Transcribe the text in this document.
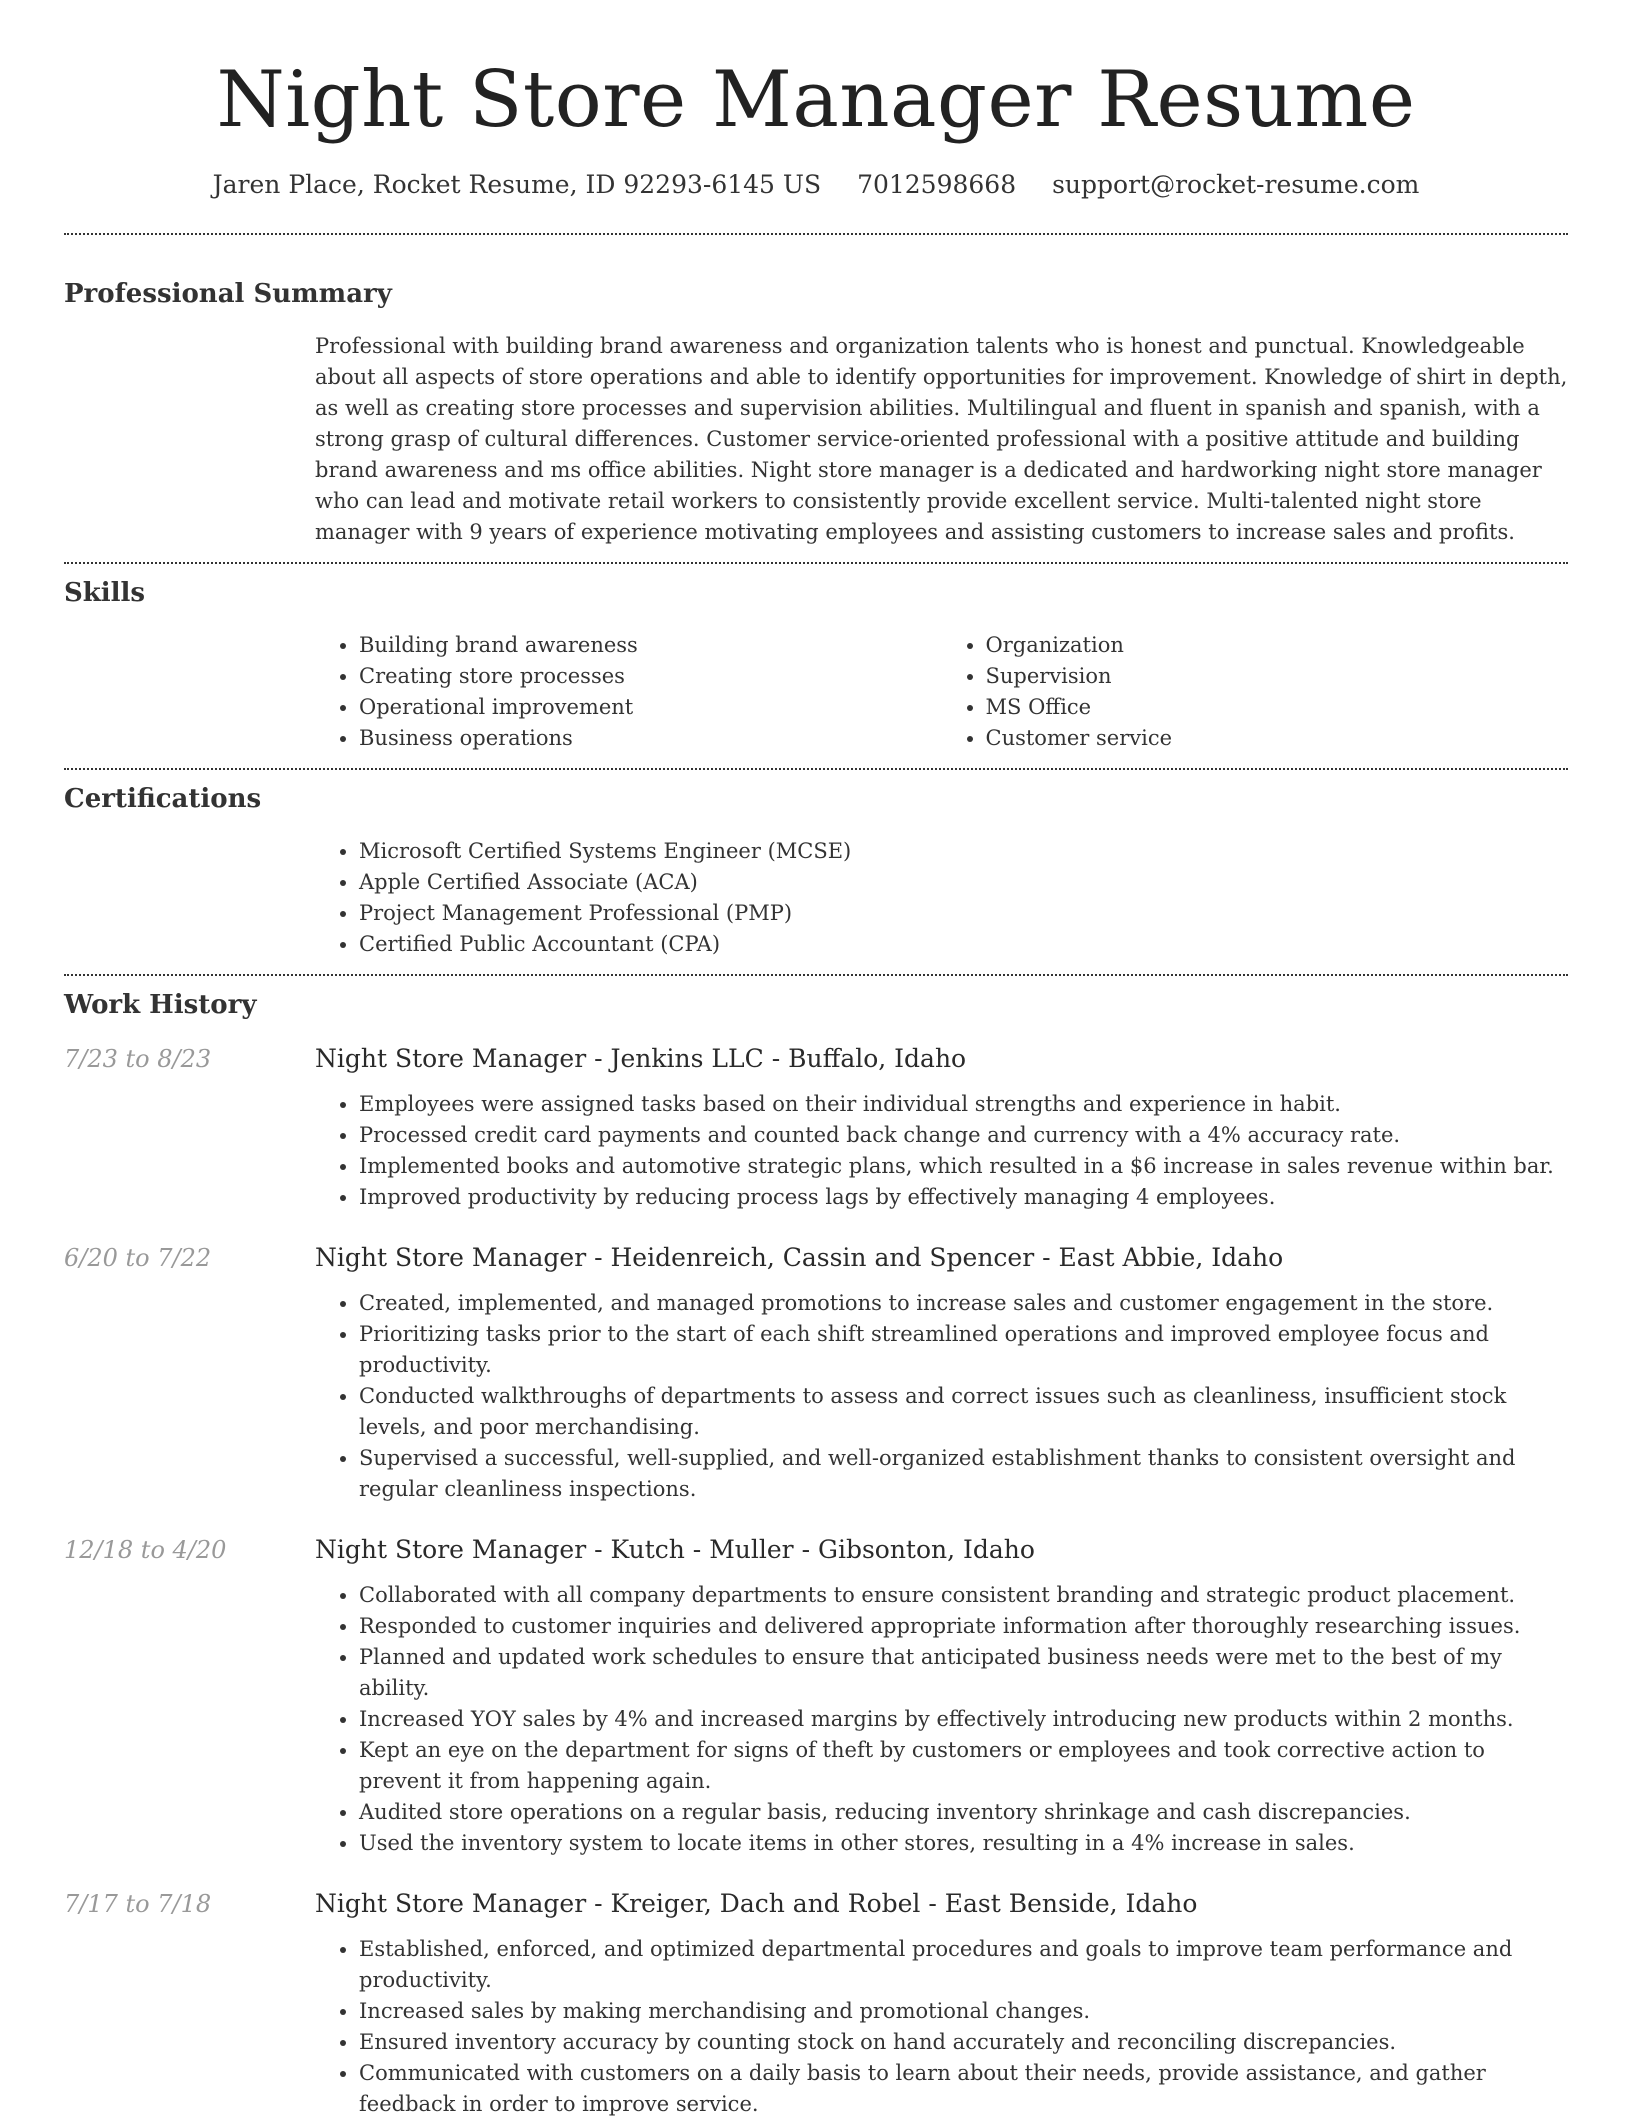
Night Store Manager Resume
Jaren Place, Rocket Resume, ID 92293-6145 US 7012598668 support@rocket-resume.com
Professional Summary
Professional with building brand awareness and organization talents who is honest and punctual. Knowledgeable about all aspects of store operations and able to identify opportunities for improvement. Knowledge of shirt in depth, as well as creating store processes and supervision abilities. Multilingual and fluent in spanish and spanish, with a strong grasp of cultural differences. Customer service-oriented professional with a positive attitude and building brand awareness and ms office abilities. Night store manager is a dedicated and hardworking night store manager who can lead and motivate retail workers to consistently provide excellent service. Multi-talented night store manager with 9 years of experience motivating employees and assisting customers to increase sales and profits.
Skills
• Building brand awareness
• Creating store processes
• Operational improvement
• Business operations
• Organization
• Supervision
• MS Office
• Customer service
Certifications
• Microsoft Certified Systems Engineer (MCSE)
• Apple Certified Associate (ACA)
• Project Management Professional (PMP)
• Certified Public Accountant (CPA)
Work History
7/23 to 8/23	Night Store Manager - Jenkins LLC - Buffalo, Idaho
• Employees were assigned tasks based on their individual strengths and experience in habit.
• Processed credit card payments and counted back change and currency with a 4% accuracy rate.
• Implemented books and automotive strategic plans, which resulted in a $6 increase in sales revenue within bar.
• Improved productivity by reducing process lags by effectively managing 4 employees.
6/20 to 7/22	Night Store Manager - Heidenreich, Cassin and Spencer - East Abbie, Idaho
• Created, implemented, and managed promotions to increase sales and customer engagement in the store.
• Prioritizing tasks prior to the start of each shift streamlined operations and improved employee focus and productivity.
• Conducted walkthroughs of departments to assess and correct issues such as cleanliness, insufficient stock levels, and poor merchandising.
• Supervised a successful, well-supplied, and well-organized establishment thanks to consistent oversight and regular cleanliness inspections.
12/18 to 4/20	Night Store Manager - Kutch - Muller - Gibsonton, Idaho
• Collaborated with all company departments to ensure consistent branding and strategic product placement.
• Responded to customer inquiries and delivered appropriate information after thoroughly researching issues.
• Planned and updated work schedules to ensure that anticipated business needs were met to the best of my ability.
• Increased YOY sales by 4% and increased margins by effectively introducing new products within 2 months.
• Kept an eye on the department for signs of theft by customers or employees and took corrective action to prevent it from happening again.
• Audited store operations on a regular basis, reducing inventory shrinkage and cash discrepancies.
• Used the inventory system to locate items in other stores, resulting in a 4% increase in sales.
7/17 to 7/18	Night Store Manager - Kreiger, Dach and Robel - East Benside, Idaho
• Established, enforced, and optimized departmental procedures and goals to improve team performance and productivity.
• Increased sales by making merchandising and promotional changes.
• Ensured inventory accuracy by counting stock on hand accurately and reconciling discrepancies.
• Communicated with customers on a daily basis to learn about their needs, provide assistance, and gather feedback in order to improve service.
